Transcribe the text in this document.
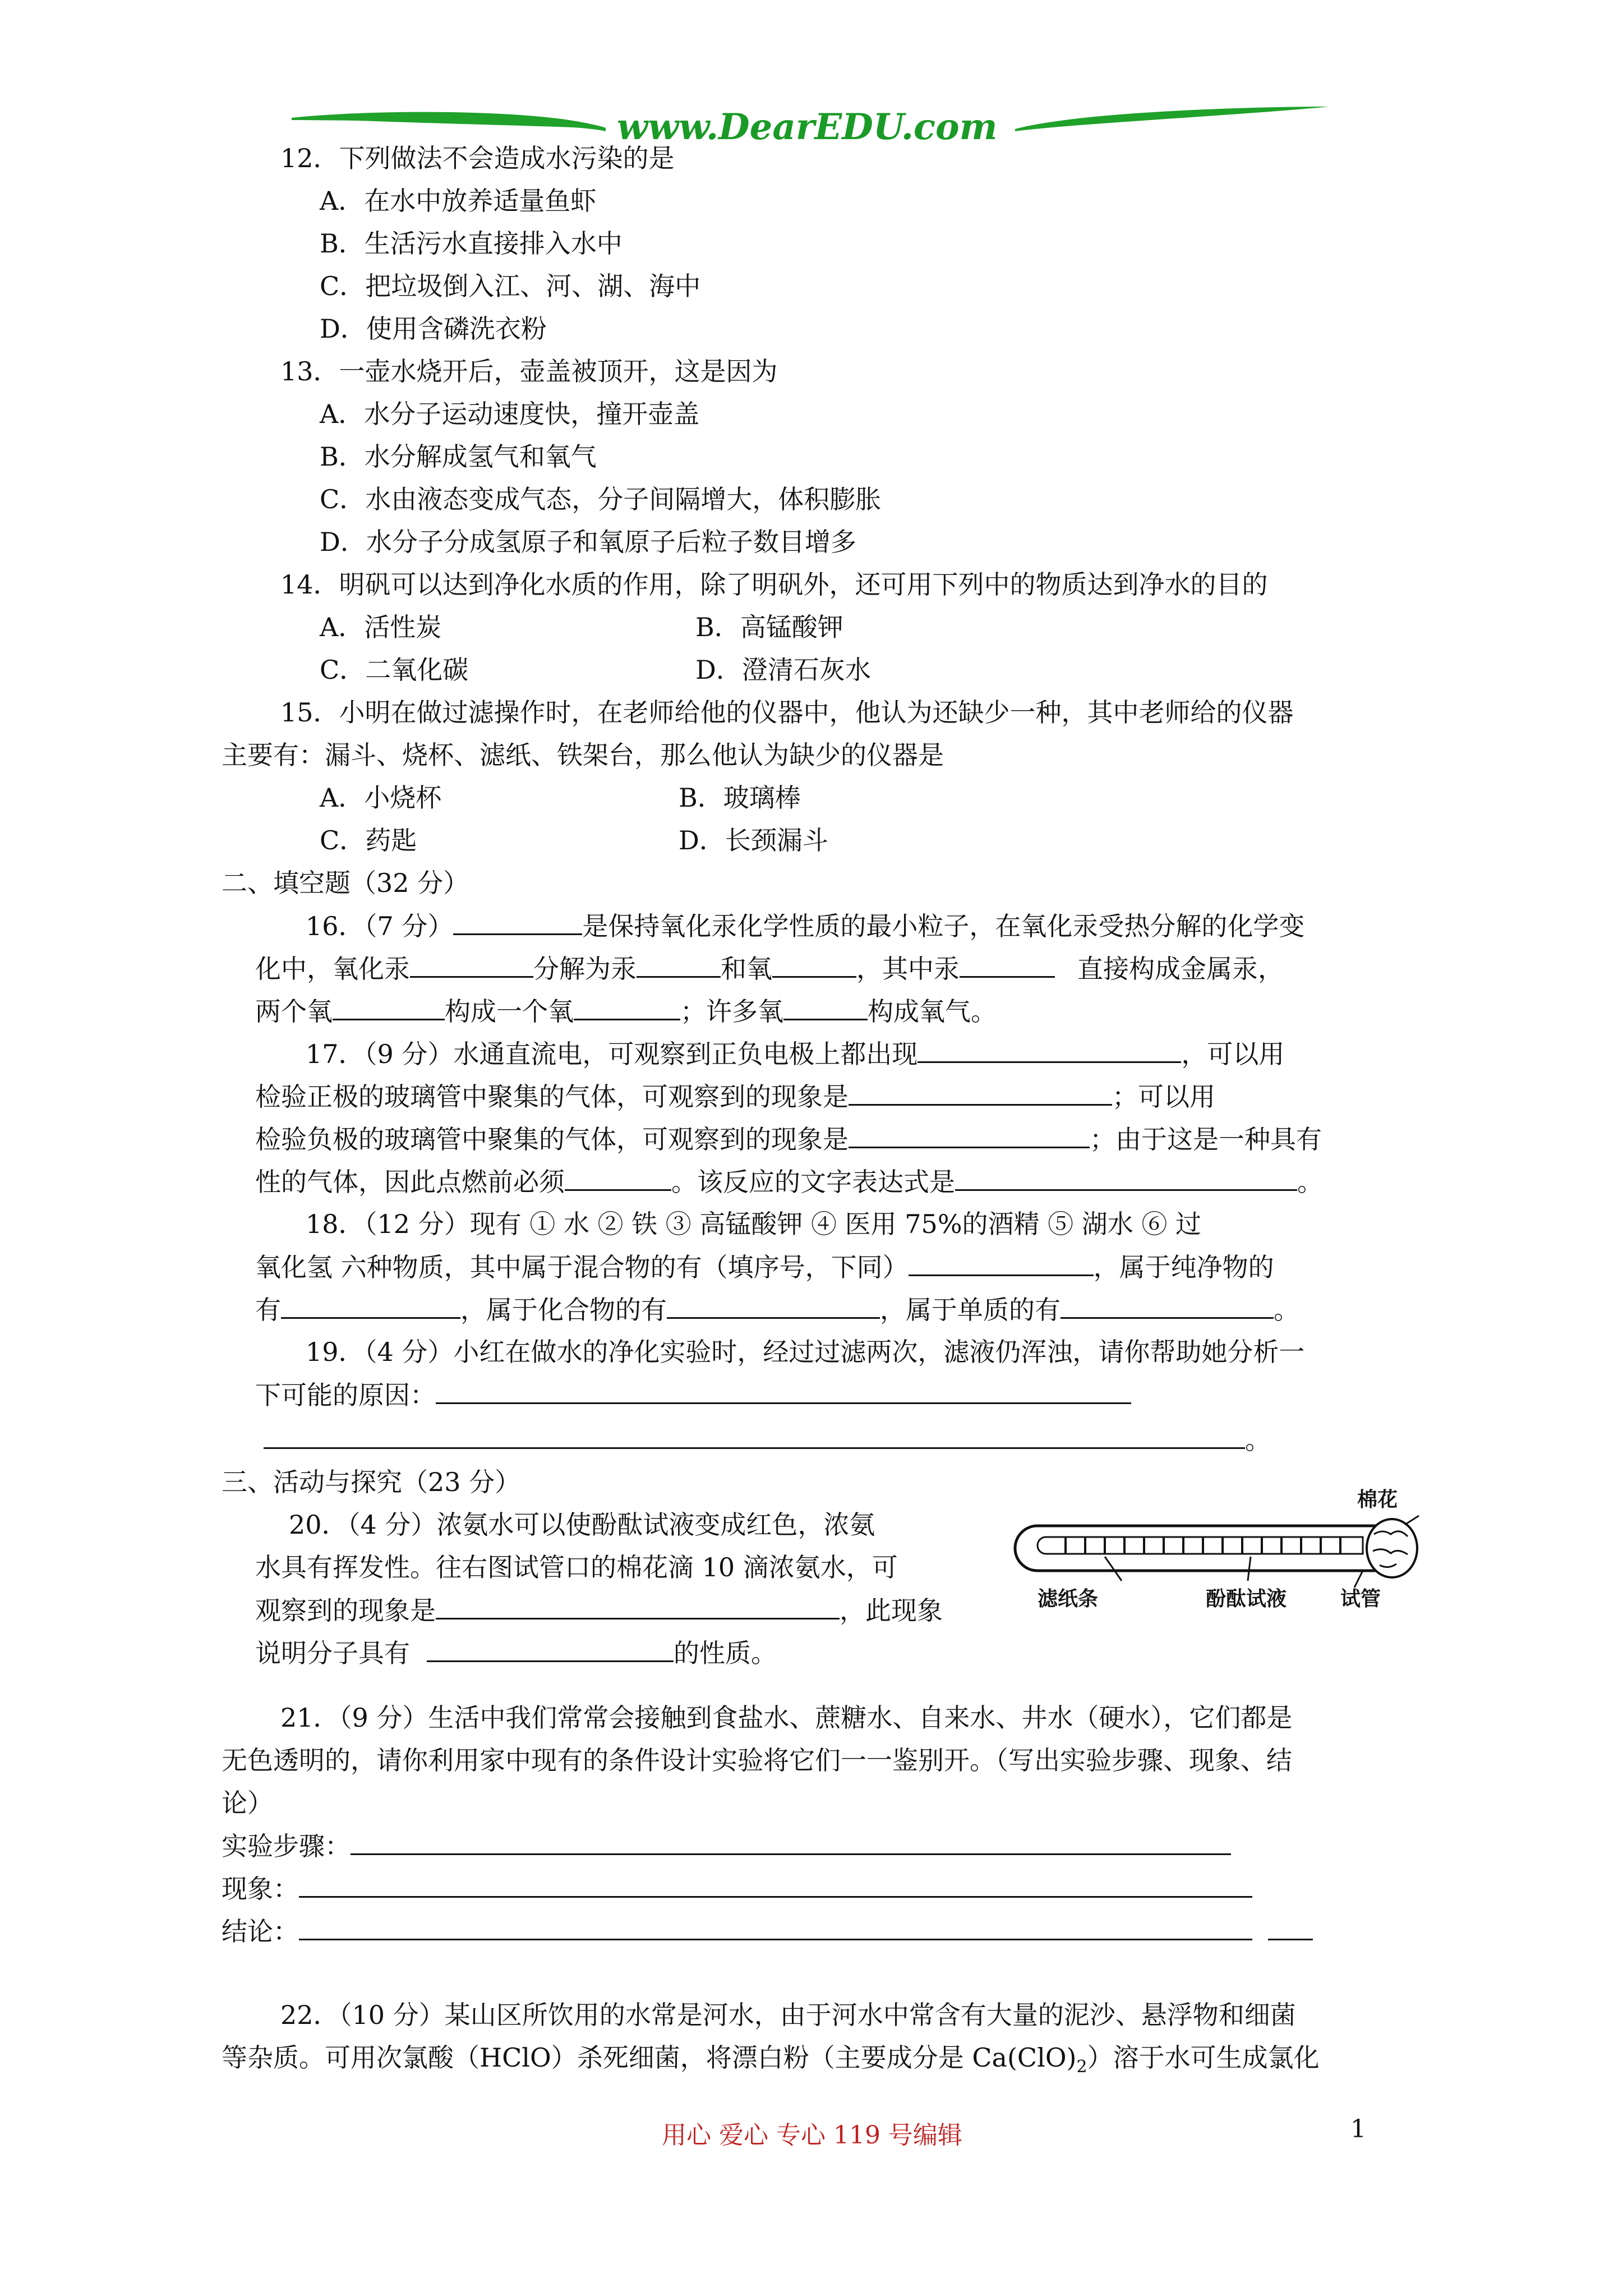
www.DearEDU.com
12．下列做法不会造成水污染的是
A．在水中放养适量鱼虾
B．生活污水直接排入水中
C．把垃圾倒入江、河、湖、海中
D．使用含磷洗衣粉
13．一壶水烧开后，壶盖被顶开，这是因为
A．水分子运动速度快，撞开壶盖
B．水分解成氢气和氧气
C．水由液态变成气态，分子间隔增大，体积膨胀
D．水分子分成氢原子和氧原子后粒子数目增多
14．明矾可以达到净化水质的作用，除了明矾外，还可用下列中的物质达到净水的目的
A．活性炭	B．高锰酸钾
C．二氧化碳	D．澄清石灰水
15．小明在做过滤操作时，在老师给他的仪器中，他认为还缺少一种，其中老师给的仪器
主要有：漏斗、烧杯、滤纸、铁架台，那么他认为缺少的仪器是
A．小烧杯	B．玻璃棒
C．药匙	D．长颈漏斗
二、填空题（32 分）
16．（7 分）	是保持氧化汞化学性质的最小粒子，在氧化汞受热分解的化学变
化中，氧化汞	分解为汞	和氧	，其中汞	直接构成金属汞，
两个氧	构成一个氧	；许多氧	构成氧气。
17．（9 分）水通直流电，可观察到正负电极上都出现	，可以用
检验正极的玻璃管中聚集的气体，可观察到的现象是	；可以用
检验负极的玻璃管中聚集的气体，可观察到的现象是	；由于这是一种具有
性的气体，因此点燃前必须	。该反应的文字表达式是	。
18．（12 分）现有 ① 水 ② 铁 ③ 高锰酸钾 ④ 医用 75%的酒精 ⑤ 湖水 ⑥ 过
氧化氢 六种物质，其中属于混合物的有（填序号，下同）	，属于纯净物的
有	，属于化合物的有	，属于单质的有	。
19．（4 分）小红在做水的净化实验时，经过过滤两次，滤液仍浑浊，请你帮助她分析一
下可能的原因：
。
三、活动与探究（23 分）
20．（4 分）浓氨水可以使酚酞试液变成红色，浓氨
水具有挥发性。往右图试管口的棉花滴 10 滴浓氨水，可
观察到的现象是	，此现象
说明分子具有	的性质。
棉花
滤纸条	酚酞试液	试管
21．（9 分）生活中我们常常会接触到食盐水、蔗糖水、自来水、井水（硬水），它们都是
无色透明的，请你利用家中现有的条件设计实验将它们一一鉴别开。（写出实验步骤、现象、结
论）
实验步骤：
现象：
结论：
22．（10 分）某山区所饮用的水常是河水，由于河水中常含有大量的泥沙、悬浮物和细菌
等杂质。可用次氯酸（HClO）杀死细菌，将漂白粉（主要成分是 $Ca(ClO)_2$）溶于水可生成氯化
用心 爱心 专心 119 号编辑	1
